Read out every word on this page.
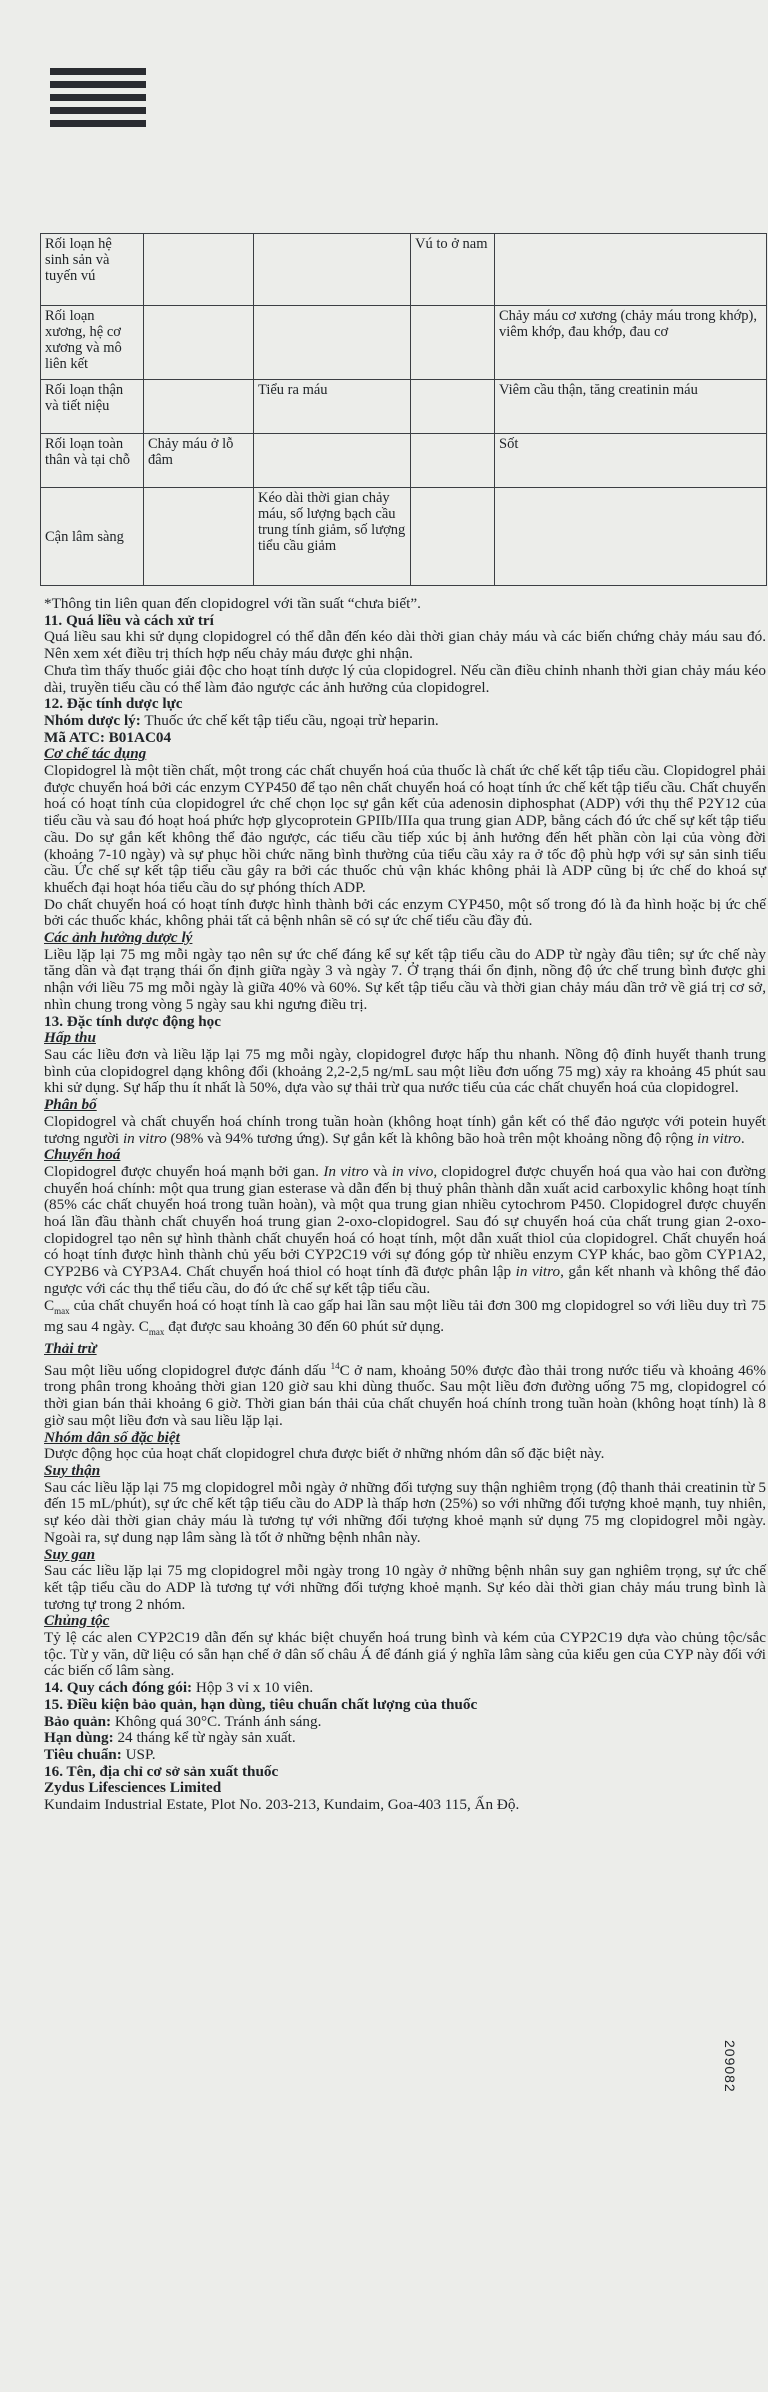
Rối loạn hệ sinh sản và tuyến vú			Vú to ở nam	
Rối loạn xương, hệ cơ xương và mô liên kết				Chảy máu cơ xương (chảy máu trong khớp), viêm khớp, đau khớp, đau cơ
Rối loạn thận và tiết niệu		Tiểu ra máu		Viêm cầu thận, tăng creatinin máu
Rối loạn toàn thân và tại chỗ	Chảy máu ở lỗ đâm			Sốt
Cận lâm sàng		Kéo dài thời gian chảy máu, số lượng bạch cầu trung tính giảm, số lượng tiểu cầu giảm		

*Thông tin liên quan đến clopidogrel với tần suất “chưa biết”.

11. Quá liều và cách xử trí

Quá liều sau khi sử dụng clopidogrel có thể dẫn đến kéo dài thời gian chảy máu và các biến chứng chảy máu sau đó. Nên xem xét điều trị thích hợp nếu chảy máu được ghi nhận.

Chưa tìm thấy thuốc giải độc cho hoạt tính dược lý của clopidogrel. Nếu cần điều chỉnh nhanh thời gian chảy máu kéo dài, truyền tiểu cầu có thể làm đảo ngược các ảnh hưởng của clopidogrel.

12. Đặc tính dược lực

Nhóm dược lý: Thuốc ức chế kết tập tiểu cầu, ngoại trừ heparin.

Mã ATC: B01AC04

Cơ chế tác dụng

Clopidogrel là một tiền chất, một trong các chất chuyển hoá của thuốc là chất ức chế kết tập tiểu cầu. Clopidogrel phải được chuyển hoá bởi các enzym CYP450 để tạo nên chất chuyển hoá có hoạt tính ức chế kết tập tiểu cầu. Chất chuyển hoá có hoạt tính của clopidogrel ức chế chọn lọc sự gắn kết của adenosin diphosphat (ADP) với thụ thể P2Y12 của tiểu cầu và sau đó hoạt hoá phức hợp glycoprotein GPIIb/IIIa qua trung gian ADP, bằng cách đó ức chế sự kết tập tiểu cầu. Do sự gắn kết không thể đảo ngược, các tiểu cầu tiếp xúc bị ảnh hưởng đến hết phần còn lại của vòng đời (khoảng 7-10 ngày) và sự phục hồi chức năng bình thường của tiểu cầu xảy ra ở tốc độ phù hợp với sự sản sinh tiểu cầu. Ức chế sự kết tập tiểu cầu gây ra bởi các thuốc chủ vận khác không phải là ADP cũng bị ức chế do khoá sự khuếch đại hoạt hóa tiểu cầu do sự phóng thích ADP.

Do chất chuyển hoá có hoạt tính được hình thành bởi các enzym CYP450, một số trong đó là đa hình hoặc bị ức chế bởi các thuốc khác, không phải tất cả bệnh nhân sẽ có sự ức chế tiểu cầu đầy đủ.

Các ảnh hưởng dược lý

Liều lặp lại 75 mg mỗi ngày tạo nên sự ức chế đáng kể sự kết tập tiểu cầu do ADP từ ngày đầu tiên; sự ức chế này tăng dần và đạt trạng thái ổn định giữa ngày 3 và ngày 7. Ở trạng thái ổn định, nồng độ ức chế trung bình được ghi nhận với liều 75 mg mỗi ngày là giữa 40% và 60%. Sự kết tập tiểu cầu và thời gian chảy máu dần trở về giá trị cơ sở, nhìn chung trong vòng 5 ngày sau khi ngưng điều trị.

13. Đặc tính dược động học

Hấp thu

Sau các liều đơn và liều lặp lại 75 mg mỗi ngày, clopidogrel được hấp thu nhanh. Nồng độ đỉnh huyết thanh trung bình của clopidogrel dạng không đổi (khoảng 2,2-2,5 ng/mL sau một liều đơn uống 75 mg) xảy ra khoảng 45 phút sau khi sử dụng. Sự hấp thu ít nhất là 50%, dựa vào sự thải trừ qua nước tiểu của các chất chuyển hoá của clopidogrel.

Phân bố

Clopidogrel và chất chuyển hoá chính trong tuần hoàn (không hoạt tính) gắn kết có thể đảo ngược với potein huyết tương người in vitro (98% và 94% tương ứng). Sự gắn kết là không bão hoà trên một khoảng nồng độ rộng in vitro.

Chuyển hoá

Clopidogrel được chuyển hoá mạnh bởi gan. In vitro và in vivo, clopidogrel được chuyển hoá qua vào hai con đường chuyển hoá chính: một qua trung gian esterase và dẫn đến bị thuỷ phân thành dẫn xuất acid carboxylic không hoạt tính (85% các chất chuyển hoá trong tuần hoàn), và một qua trung gian nhiều cytochrom P450. Clopidogrel được chuyển hoá lần đầu thành chất chuyển hoá trung gian 2-oxo-clopidogrel. Sau đó sự chuyển hoá của chất trung gian 2-oxo-clopidogrel tạo nên sự hình thành chất chuyển hoá có hoạt tính, một dẫn xuất thiol của clopidogrel. Chất chuyển hoá có hoạt tính được hình thành chủ yếu bởi CYP2C19 với sự đóng góp từ nhiều enzym CYP khác, bao gồm CYP1A2, CYP2B6 và CYP3A4. Chất chuyển hoá thiol có hoạt tính đã được phân lập in vitro, gắn kết nhanh và không thể đảo ngược với các thụ thể tiểu cầu, do đó ức chế sự kết tập tiểu cầu.

$C_{max}$ của chất chuyển hoá có hoạt tính là cao gấp hai lần sau một liều tải đơn 300 mg clopidogrel so với liều duy trì 75 mg sau 4 ngày. $C_{max}$ đạt được sau khoảng 30 đến 60 phút sử dụng.

Thải trừ

Sau một liều uống clopidogrel được đánh dấu $^{14}$C ở nam, khoảng 50% được đào thải trong nước tiểu và khoảng 46% trong phân trong khoảng thời gian 120 giờ sau khi dùng thuốc. Sau một liều đơn đường uống 75 mg, clopidogrel có thời gian bán thải khoảng 6 giờ. Thời gian bán thải của chất chuyển hoá chính trong tuần hoàn (không hoạt tính) là 8 giờ sau một liều đơn và sau liều lặp lại.

Nhóm dân số đặc biệt

Dược động học của hoạt chất clopidogrel chưa được biết ở những nhóm dân số đặc biệt này.

Suy thận

Sau các liều lặp lại 75 mg clopidogrel mỗi ngày ở những đối tượng suy thận nghiêm trọng (độ thanh thải creatinin từ 5 đến 15 mL/phút), sự ức chế kết tập tiểu cầu do ADP là thấp hơn (25%) so với những đối tượng khoẻ mạnh, tuy nhiên, sự kéo dài thời gian chảy máu là tương tự với những đối tượng khoẻ mạnh sử dụng 75 mg clopidogrel mỗi ngày. Ngoài ra, sự dung nạp lâm sàng là tốt ở những bệnh nhân này.

Suy gan

Sau các liều lặp lại 75 mg clopidogrel mỗi ngày trong 10 ngày ở những bệnh nhân suy gan nghiêm trọng, sự ức chế kết tập tiểu cầu do ADP là tương tự với những đối tượng khoẻ mạnh. Sự kéo dài thời gian chảy máu trung bình là tương tự trong 2 nhóm.

Chủng tộc

Tỷ lệ các alen CYP2C19 dẫn đến sự khác biệt chuyển hoá trung bình và kém của CYP2C19 dựa vào chủng tộc/sắc tộc. Từ y văn, dữ liệu có sẵn hạn chế ở dân số châu Á để đánh giá ý nghĩa lâm sàng của kiểu gen của CYP này đối với các biến cố lâm sàng.

14. Quy cách đóng gói: Hộp 3 vỉ x 10 viên.

15. Điều kiện bảo quản, hạn dùng, tiêu chuẩn chất lượng của thuốc

Bảo quản: Không quá 30°C. Tránh ánh sáng.

Hạn dùng: 24 tháng kể từ ngày sản xuất.

Tiêu chuẩn: USP.

16. Tên, địa chỉ cơ sở sản xuất thuốc

Zydus Lifesciences Limited

Kundaim Industrial Estate, Plot No. 203-213, Kundaim, Goa-403 115, Ấn Độ.

209082
